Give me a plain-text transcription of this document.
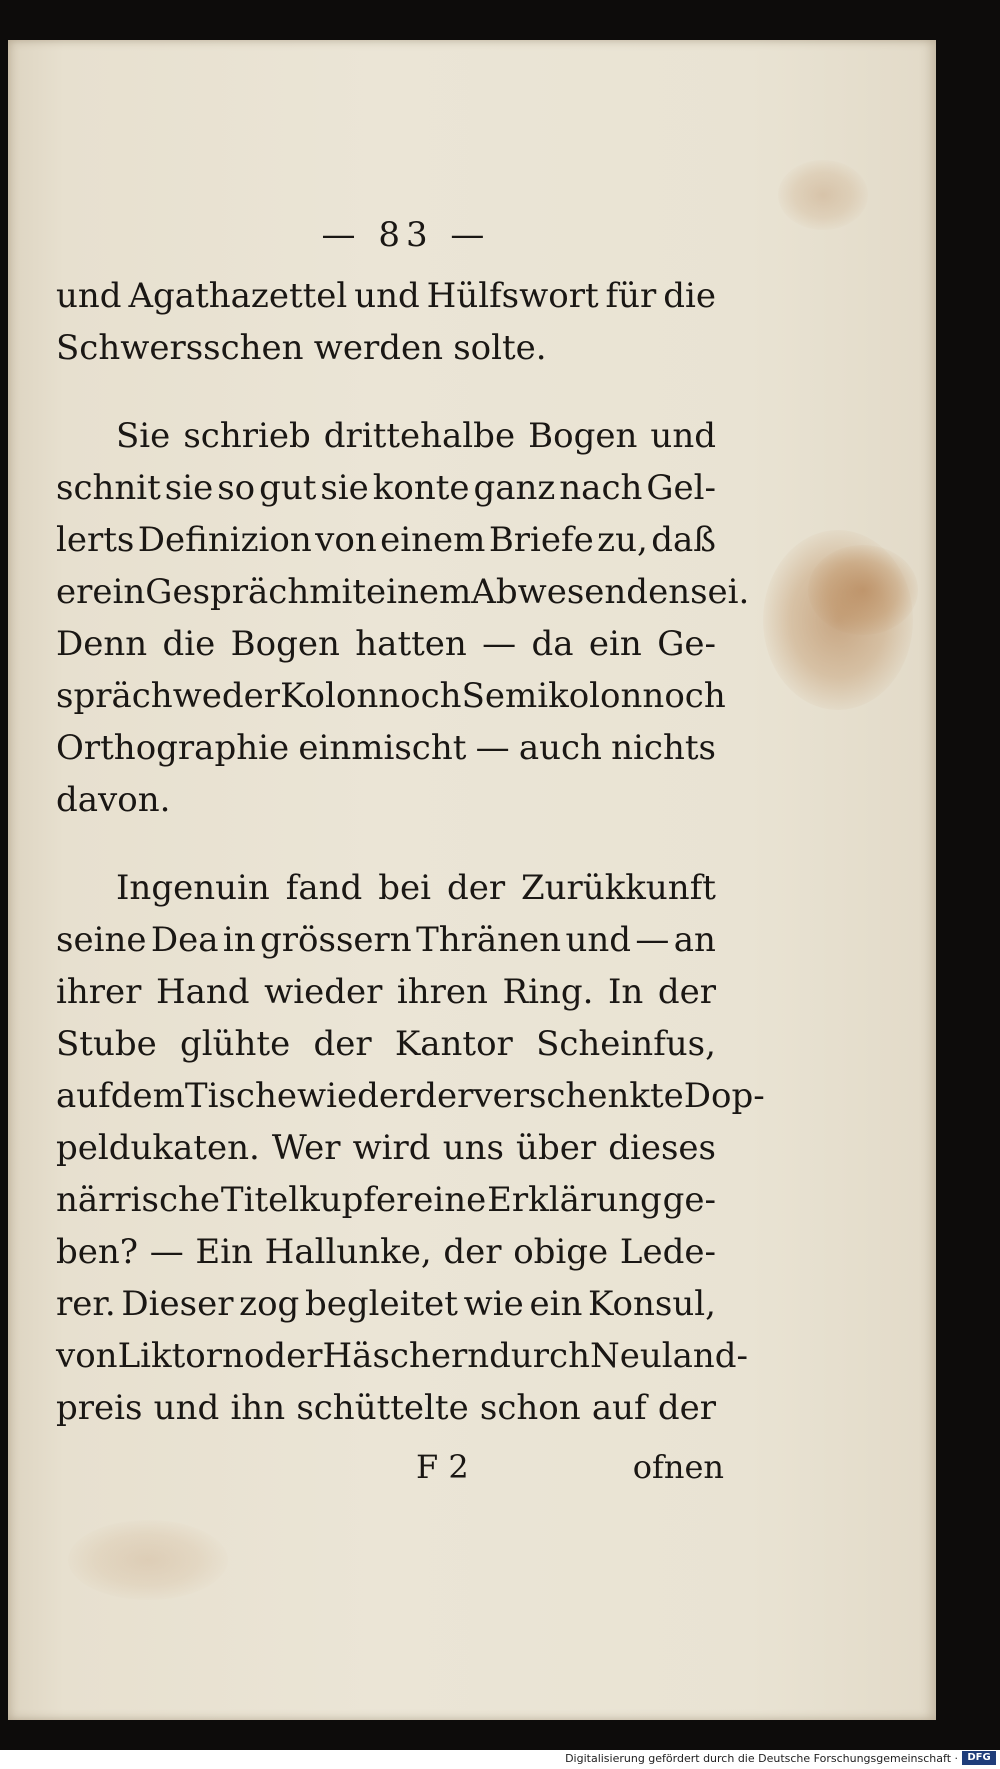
— 83 —
und Agathazettel und Hülfswort für die
Schwersschen werden solte.
Sie schrieb drittehalbe Bogen und
schnit sie so gut sie konte ganz nach Gel-
lerts Definizion von einem Briefe zu, daß
er ein Gespräch mit einem Abwesenden sei.
Denn die Bogen hatten — da ein Ge-
spräch weder Kolon noch Semikolon noch
Orthographie einmischt — auch nichts
davon.
Ingenuin fand bei der Zurükkunft
seine Dea in grössern Thränen und — an
ihrer Hand wieder ihren Ring. In der
Stube glühte der Kantor Scheinfus,
auf dem Tische wieder der verschenkte Dop-
peldukaten. Wer wird uns über dieses
närrische Titelkupfer eine Erklärung ge-
ben? — Ein Hallunke, der obige Lede-
rer. Dieser zog begleitet wie ein Konsul,
von Liktorn oder Häschern durch Neuland-
preis und ihn schüttelte schon auf der
F 2	ofnen
Digitalisierung gefördert durch die Deutsche Forschungsgemeinschaft · DFG
